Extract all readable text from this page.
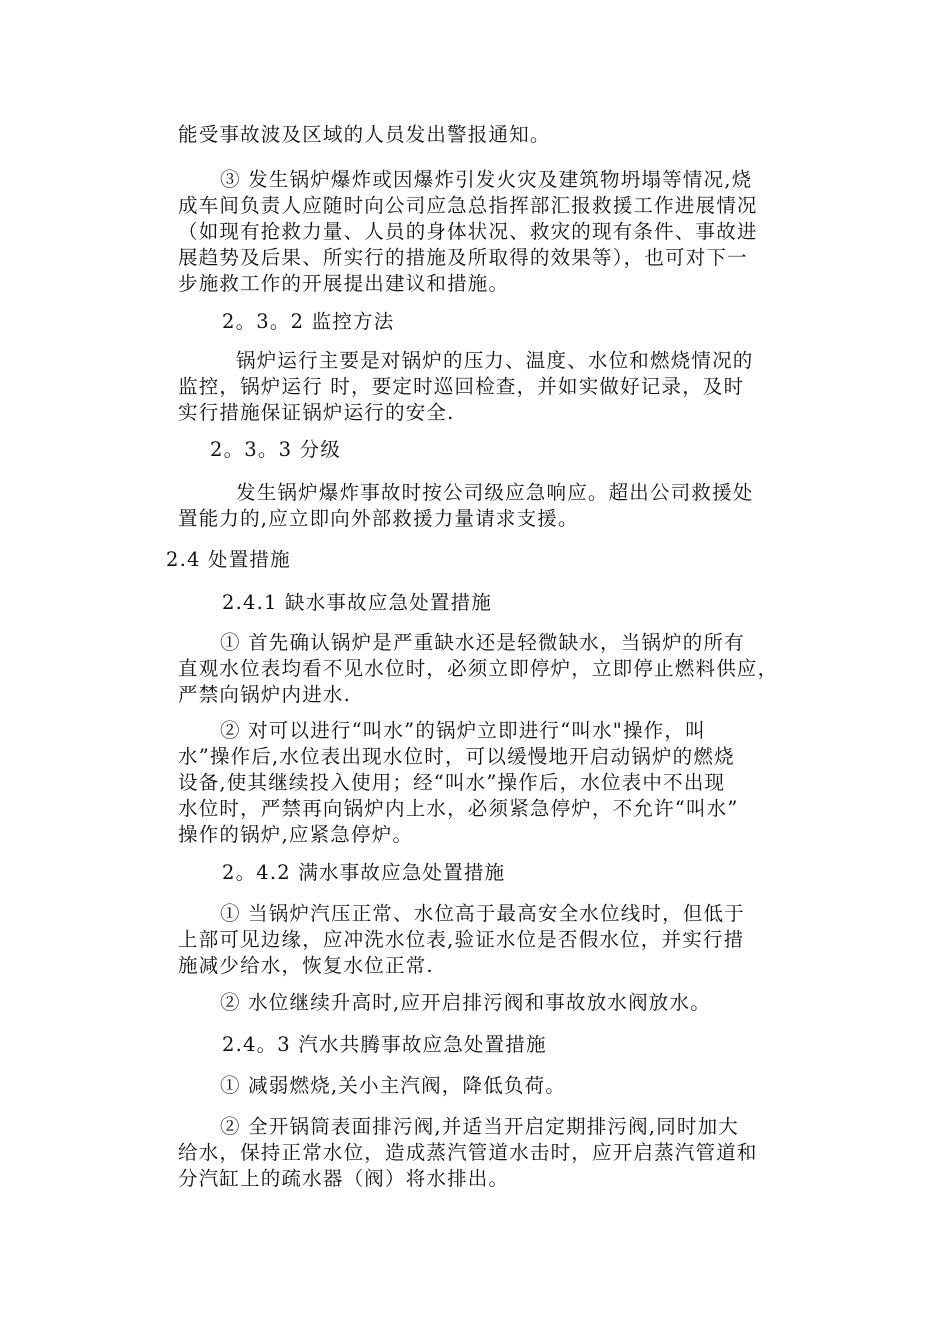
能受事故波及区域的人员发出警报通知。
③ 发生锅炉爆炸或因爆炸引发火灾及建筑物坍塌等情况,烧
成车间负责人应随时向公司应急总指挥部汇报救援工作进展情况
（如现有抢救力量、人员的身体状况、救灾的现有条件、事故进
展趋势及后果、所实行的措施及所取得的效果等），也可对下一
步施救工作的开展提出建议和措施。
2。3。2 监控方法
锅炉运行主要是对锅炉的压力、温度、水位和燃烧情况的
监控，锅炉运行 时，要定时巡回检查，并如实做好记录，及时
实行措施保证锅炉运行的安全.
2。3。3 分级
发生锅炉爆炸事故时按公司级应急响应。超出公司救援处
置能力的,应立即向外部救援力量请求支援。
2.4 处置措施
2.4.1 缺水事故应急处置措施
① 首先确认锅炉是严重缺水还是轻微缺水，当锅炉的所有
直观水位表均看不见水位时，必须立即停炉，立即停止燃料供应，
严禁向锅炉内进水.
② 对可以进行“叫水”的锅炉立即进行“叫水"操作，叫
水”操作后,水位表出现水位时，可以缓慢地开启动锅炉的燃烧
设备,使其继续投入使用；经“叫水”操作后，水位表中不出现
水位时，严禁再向锅炉内上水，必须紧急停炉，不允许“叫水”
操作的锅炉,应紧急停炉。
2。4.2 满水事故应急处置措施
① 当锅炉汽压正常、水位高于最高安全水位线时，但低于
上部可见边缘，应冲洗水位表,验证水位是否假水位，并实行措
施减少给水，恢复水位正常.
② 水位继续升高时,应开启排污阀和事故放水阀放水。
2.4。3 汽水共腾事故应急处置措施
① 减弱燃烧,关小主汽阀，降低负荷。
② 全开锅筒表面排污阀,并适当开启定期排污阀,同时加大
给水，保持正常水位，造成蒸汽管道水击时，应开启蒸汽管道和
分汽缸上的疏水器（阀）将水排出。
